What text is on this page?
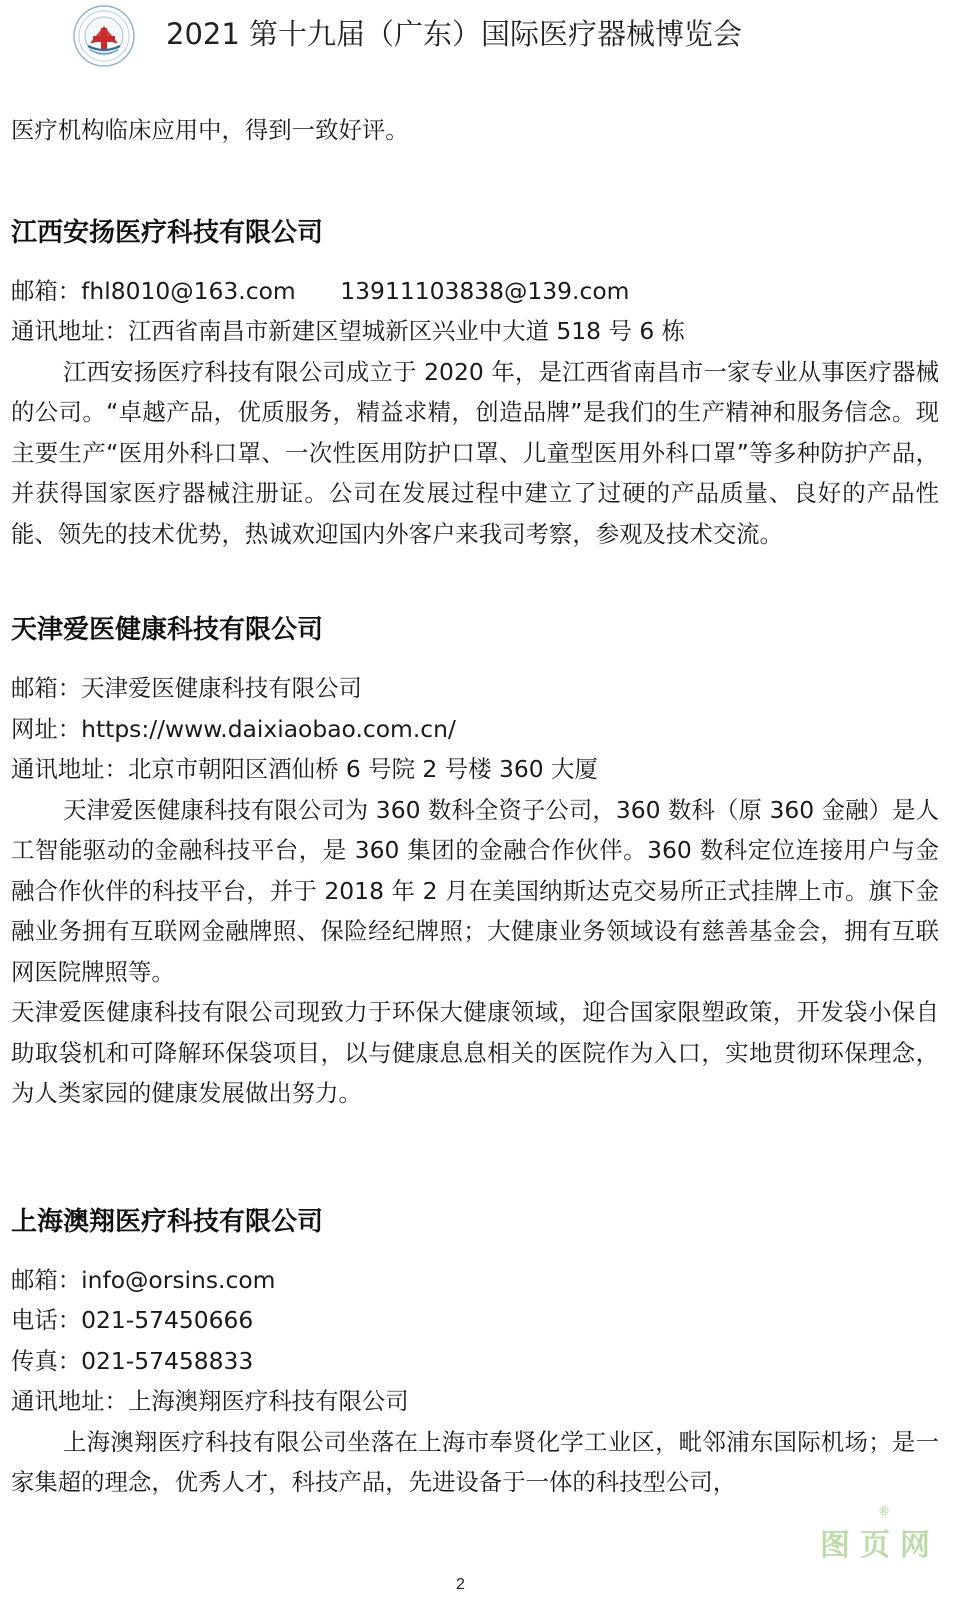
2021 第十九届（广东）国际医疗器械博览会

医疗机构临床应用中，得到一致好评。

江西安扬医疗科技有限公司

邮箱：fhl8010@163.com      13911103838@139.com

通讯地址：江西省南昌市新建区望城新区兴业中大道 518 号 6 栋

江西安扬医疗科技有限公司成立于 2020 年，是江西省南昌市一家专业从事医疗器械的公司。“卓越产品，优质服务，精益求精，创造品牌”是我们的生产精神和服务信念。现主要生产“医用外科口罩、一次性医用防护口罩、儿童型医用外科口罩”等多种防护产品，并获得国家医疗器械注册证。公司在发展过程中建立了过硬的产品质量、良好的产品性能、领先的技术优势，热诚欢迎国内外客户来我司考察，参观及技术交流。

天津爱医健康科技有限公司

邮箱：天津爱医健康科技有限公司

网址：https://www.daixiaobao.com.cn/

通讯地址：北京市朝阳区酒仙桥 6 号院 2 号楼 360 大厦

天津爱医健康科技有限公司为 360 数科全资子公司，360 数科（原 360 金融）是人工智能驱动的金融科技平台，是 360 集团的金融合作伙伴。360 数科定位连接用户与金融合作伙伴的科技平台，并于 2018 年 2 月在美国纳斯达克交易所正式挂牌上市。旗下金融业务拥有互联网金融牌照、保险经纪牌照；大健康业务领域设有慈善基金会，拥有互联网医院牌照等。

天津爱医健康科技有限公司现致力于环保大健康领域，迎合国家限塑政策，开发袋小保自助取袋机和可降解环保袋项目，以与健康息息相关的医院作为入口，实地贯彻环保理念，为人类家园的健康发展做出努力。

上海澳翔医疗科技有限公司

邮箱：info@orsins.com

电话：021-57450666

传真：021-57458833

通讯地址：上海澳翔医疗科技有限公司

上海澳翔医疗科技有限公司坐落在上海市奉贤化学工业区，毗邻浦东国际机场；是一家集超的理念，优秀人才，科技产品，先进设备于一体的科技型公司，

图页网
®
2
